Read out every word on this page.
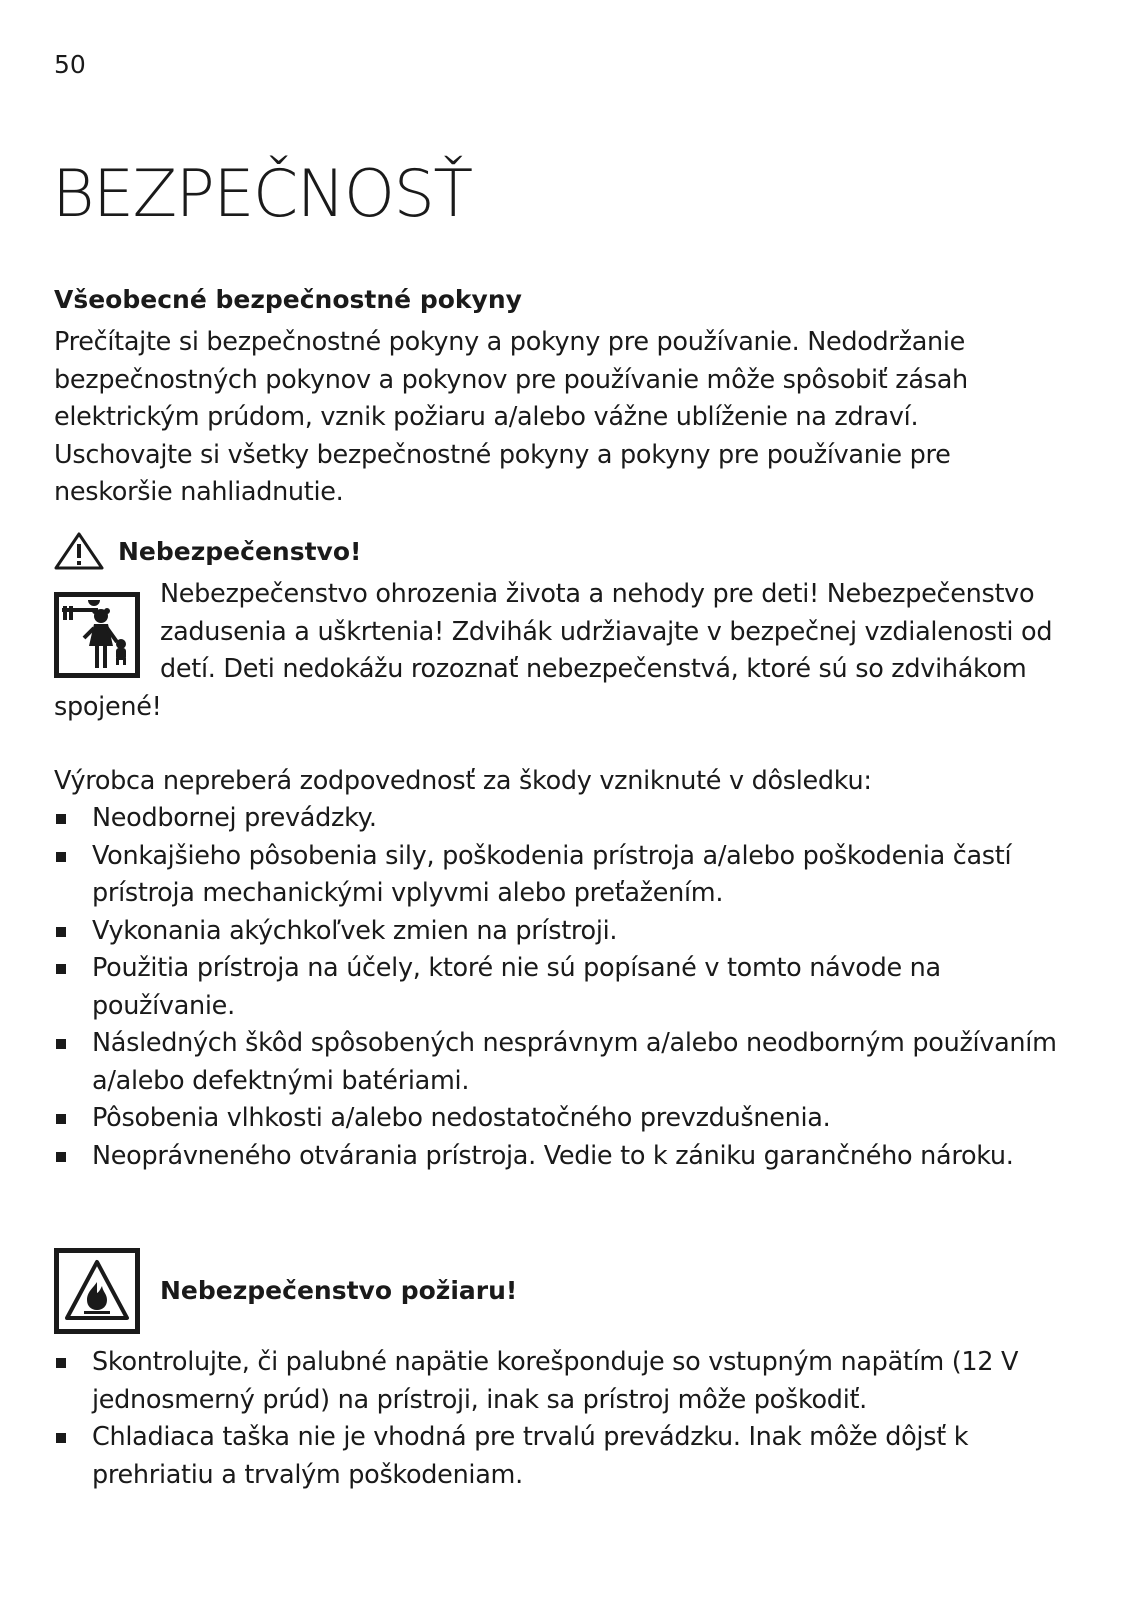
50
BEZPEČNOSŤ
Všeobecné bezpečnostné pokyny

Prečítajte si bezpečnostné pokyny a pokyny pre používanie. Nedodržanie bezpečnostných pokynov a pokynov pre používanie môže spôsobiť zásah elektrickým prúdom, vznik požiaru a/alebo vážne ublíženie na zdraví. Uschovajte si všetky bezpečnostné pokyny a pokyny pre používanie pre neskoršie nahliadnutie.

Nebezpečenstvo!

Nebezpečenstvo ohrozenia života a nehody pre deti! Nebezpečenstvo zadusenia a uškrtenia! Zdvihák udržiavajte v bezpečnej vzdialenosti od detí. Deti nedokážu rozoznať nebezpečenstvá, ktoré sú so zdvihákom spojené!

Výrobca nepreberá zodpovednosť za škody vzniknuté v dôsledku:

Neodbornej prevádzky.
Vonkajšieho pôsobenia sily, poškodenia prístroja a/alebo poškodenia častí prístroja mechanickými vplyvmi alebo preťažením.
Vykonania akýchkoľvek zmien na prístroji.
Použitia prístroja na účely, ktoré nie sú popísané v tomto návode na používanie.
Následných škôd spôsobených nesprávnym a/alebo neodborným používaním a/alebo defektnými batériami.
Pôsobenia vlhkosti a/alebo nedostatočného prevzdušnenia.
Neoprávneného otvárania prístroja. Vedie to k zániku garančného nároku.
Nebezpečenstvo požiaru!
Skontrolujte, či palubné napätie korešponduje so vstupným napätím (12 V jednosmerný prúd) na prístroji, inak sa prístroj môže poškodiť.
Chladiaca taška nie je vhodná pre trvalú prevádzku. Inak môže dôjsť k prehriatiu a trvalým poškodeniam.
